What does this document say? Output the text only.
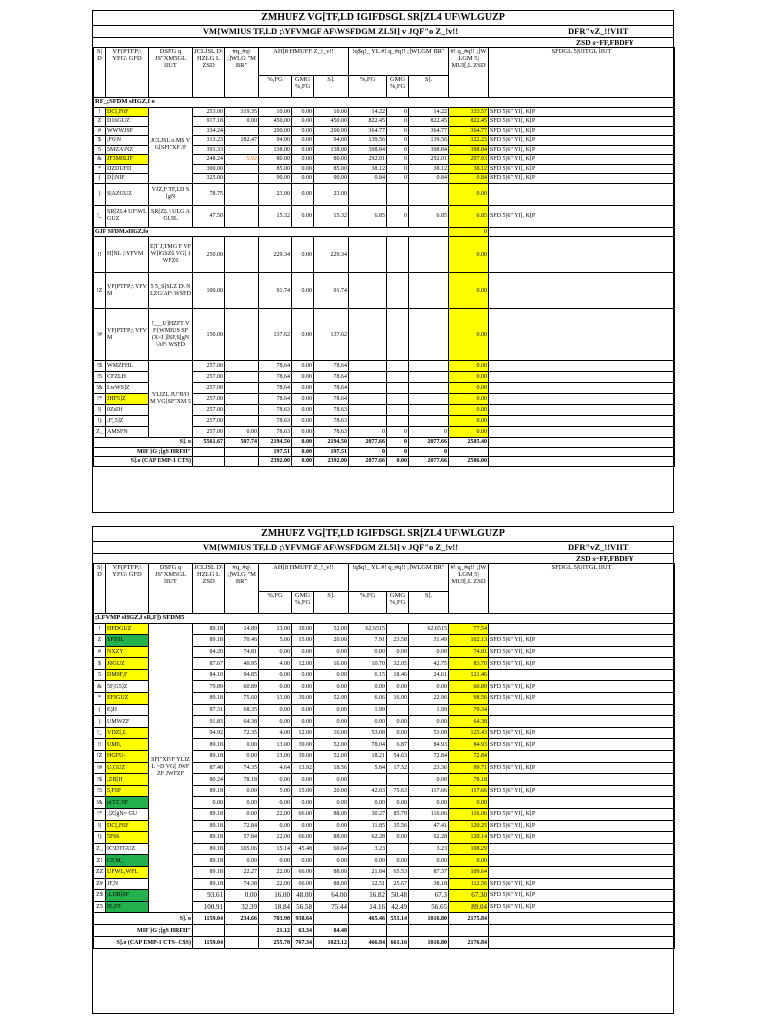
ZMHUFZ VG[TF,LD IGIFDSGL SR[ZL4 UF\WLGUZP
VM{WMIUS TF,LD ;\YFVMGF AF\WSFDGM ZL5I] v JQF"o Z_!v!!	DFR"vZ_!!VIIT
ZSD s~FF,FBDF¥
S| D	VF(PTFP;\ YFG\ GFD	DSFG q JS"XM5GL lIUT	JCLJSL D\ HZLG L ZSD	#q_#q\ ;]WLG "M BR"	AH[8 HMUFF Z_!_v!!			!q$q!_ YL #! q_#q!! ;]WLGM BR"			#! q_#q!! ;]W LGM 5| MUI[,L ZSD	SFDGL 5|UITGL lIUT
					%,FG	GMG %,FG	S].	%,FG	GMG %,FG	S].		
RF_;SFDM sHGZ,f o												
!	DC[,F6F	JCLJSL o.MS VG[SFI"XF /F	253.00	319.35	10.00	0.00	10.00	14.22	0	14.22	333.57	SFD 5)6" YI[, K[P
Z	D16GUZ		917.18	0.00	450.00	0.00	450.00	822.45	0	822.45	822.45	SFD 5)6" YI[, K[P
#	WWWJSF		334.24		200.00	0.00	200.00	364.77	0	364.77	364.77	SFD 5)6" YI[, K[P
$	;F6\N		313.23	182.47	94.00	0.00	94.00	139.56	0	139.56	322.23	SFD 5)6" YI[, K[P
5	5MZA\NZ		391.33		138.00	0.00	138.00	398.84	0	398.84	398.84	SFD 5)6" YI[, K[P
&	JF3M0LIF		248.24	5.92	80.00	0.00	80.00	292.01	0	292.01	297.93	SFD 5)6" YI[, K[P
*	IJZDUFD		300.00		85.00	0.00	85.00	38.12	0	38.12	38.12	SFD 5)6" YI[, K[P
(	D]\NIF		325.00		90.00	0.00	90.00	0.84	0	0.84	0.84	SFD 5)6" YI[, K[P
)	S|AZGUZ	VJZ,F TF,LD S[gN	78.75		23.00	0.00	23.00				0.00	
!_	SR[ZL4 UF\WLGUZ	SR[ZL \ ULG AGUIL	47.50		15.32	0.00	15.32	6.85	0	6.85	6.85	SFD 5)6" YI[, K[P
GJF SFDM.sHGZ,fo											0	
!!	H]NL ;\YFVM	E|T J,TMG F VFW]lGSZ6 VG[ JWFZ6	250.00		229.34	0.00	229.34				0.00	
!Z	VF(PTFP;\ YFVM	5 5_S]SLZ D\ NLZG\AF\ WSFD	100.00		91.74	0.00	91.74				0.00	
!#	VF(PTFP;\ YFVM	!___U]HZFT VF{WMIUS SF(X<I ]lSF,S[gN \AF\ WSFD	150.00		137.62	0.00	137.62				0.00	
!$	WMZFHL	YLIZL JU"B'OM VG[SF"XM 5	257.00		78.64	0.00	78.64				0.00	
!5	CFZLH		257.00		78.64	0.00	78.64				0.00	
!&	LwWS]Z		257.00		78.64	0.00	78.64				0.00	
!*	JHF5]Z		257.00		78.64	0.00	78.64				0.00	
!(	0ZsDf		257.00		78.63	0.00	78.63				0.00	
!)	;F¦,5]Z		257.00		78.63	0.00	78.63				0.00	
Z_	AMSFN		257.00	0.00	78.63	0.00	78.63	0	0	0	0.00	
S]. o			5561.67	507.74	2194.50	0.00	2194.50	2077.66	0	2077.66	2585.40	
MIF }G ;[gS HRFH"					197.51	0.00	197.51	0	0	0		
S].o (CAP EMP-1 CTS)					2392.00	0.00	2392.00	2077.66	0.00	2077.66	2586.00	
ZMHUFZ VG[TF,LD IGIFDSGL SR[ZL4 UF\WLGUZP
VM{WMIUS TF,LD ;\YFVMGF AF\WSFDGM ZL5I] v JQF"o Z_!v!!	DFR"vZ_!!VIIT
ZSD s~FF,FBDF¥
S| D	VF(PTFP;\ YFG\ GFD	DSFG q JS"XM5GL lIUT	JCLJSL D\ HZLG L ZSD	#q_#q\ ;]WLG "M BR"	AH[8 HMUFF Z_!_v!!			!q$q!_ YL #! q_#q!! ;]WLGM BR"			#! q_#q!! ;]W LGM 5| MUI[,L ZSD	SFDGL 5|UITGL lIUT
					%,FG	GMG %,FG	S].	%,FG	GMG %,FG	S].		
;LFVMP sHGZ,f sR,F]) SFDM5												
!	HFDGUZ	SFI"XF/F YLIZL ~D VG[ JWFZF JWFZF	89.18	14.89	13.00	39.00	52.00	62.6515		62.6515	77.54	
Z	SFZ0L		89.18	70.46	5.00	15.00	20.00	7.91	23.58	31.49	102.13	SFD 5)6" YI[, K[P
#	NXZY		84.20	74.81	0.00	0.00	0.00	0.00	0.00	0.00	74.81	SFD 5)6" YI[, K[P
$	J0GUZ		87.67	40.95	4.00	12.00	16.00	10.70	32.05	42.75	83.70	SFD 5)6" YI[, K[P
5	DM0F,F		84.10	94.85	0.00	0.00	0.00	6.15	18.46	24.61	121.46	
&	5F,G5]Z		79.89	60.89	0.00	0.00	0.00	0.00	0.00	0.00	60.89	SFD 5)6" YI[, K[P
*	EFIGUZ		89.18	75.60	13.00	39.00	52.00	6.06	16.90	22.96	98.56	SFD 5)6" YI[, K[P
(	E)H		87.31	68.35	0.00	0.00	0.00	1.99		1.99	70.34	
)	UMWZF		91.83	64.38	0.00	0.00	0.00	0.00	0.00	0.00	64.38	
!_	VDZ[,L		94.92	72.35	4.00	12.00	16.00	53.08	0.00	53.08	125.43	SFD 5)6" YI[, K[P
!!	UM0,		89.18	0.00	13.00	39.00	52.00	78.04	6.87	84.93	84.93	SFD 5)6" YI[, K[P
!Z	HGFU-		89.18	0.00	13.00	39.00	52.00	18.21	54.63	72.84	72.84	
!#	U,GUZ		87.40	74.35	4.64	13.92	18.56	5.84	17.52	23.36	99.71	SFD 5)6" YI[, K[P
!$	;ZB[H		80.24	78.18	0.00	0.00	0.00			0.00	78.18	
!5	5,F6F		89.18	0.00	5.00	15.00	20.00	42.03	75.63	117.66	117.66	SFD 5)6" YI[, K[P
!&	p(TZ,'0F		0.00	0.00	0.00	0.00	0.00	0.00	0.00	0.00	0.00	
!*	;]Z[gN= GU		89.18	0.00	22.00	66.00	88.00	30.27	85.79	116.06	116.06	SFD 5)6" YI[, K[P
!(	DC[,F6F		89.18	72.84	0.00	0.00	0.00	11.85	35.56	47.41	120.25	SFD 5)6" YI[, K[P
!)	5F66		89.18	57.84	22.00	66.00	88.00	62.28	0.00	62.28	120.14	SFD 5)6" YI[, K[P
Z_	IC\DTGUZ		89.18	105.06	15.14	45.48	60.64	3.23		3.23	108.29	
Z!	CF,M_		89.18	0.00	0.00	0.00	0.00	0.00	0.00	0.00	0.00	
ZZ	UFWL,WFL		89.18	22.27	22.00	66.00	88.00	21.84	65.53	87.37	109.64	
Z#	JF,N		89.18	74.38	22.00	66.00	88.00	12.51	25.67	38.18	112.56	SFD 5)6" YI[, K[P
Z$	;LDB[0F		93.61	0.00	16.00	48.00	64.00	16.82	50.48	67.3	67.30	SFD 5)6" YI[, K[P
Z5	IE,F0		100.91	32.39	18.84	56.58	75.44	14.16	42.49	56.65	89.04	SFD 5)6" YI[, K[P
S]. o			1159.04	234.66	703.98	938.64		465.46	551.14	1016.80	2175.84	
MIF }G ;[gS HRFH"					21.12	63.34	84.48					
S].o (CAP EMP-1 CTS- C$S)			1159.04		255.78	767.34	1023.12	466.84	661.16	1016.80	2176.84	
